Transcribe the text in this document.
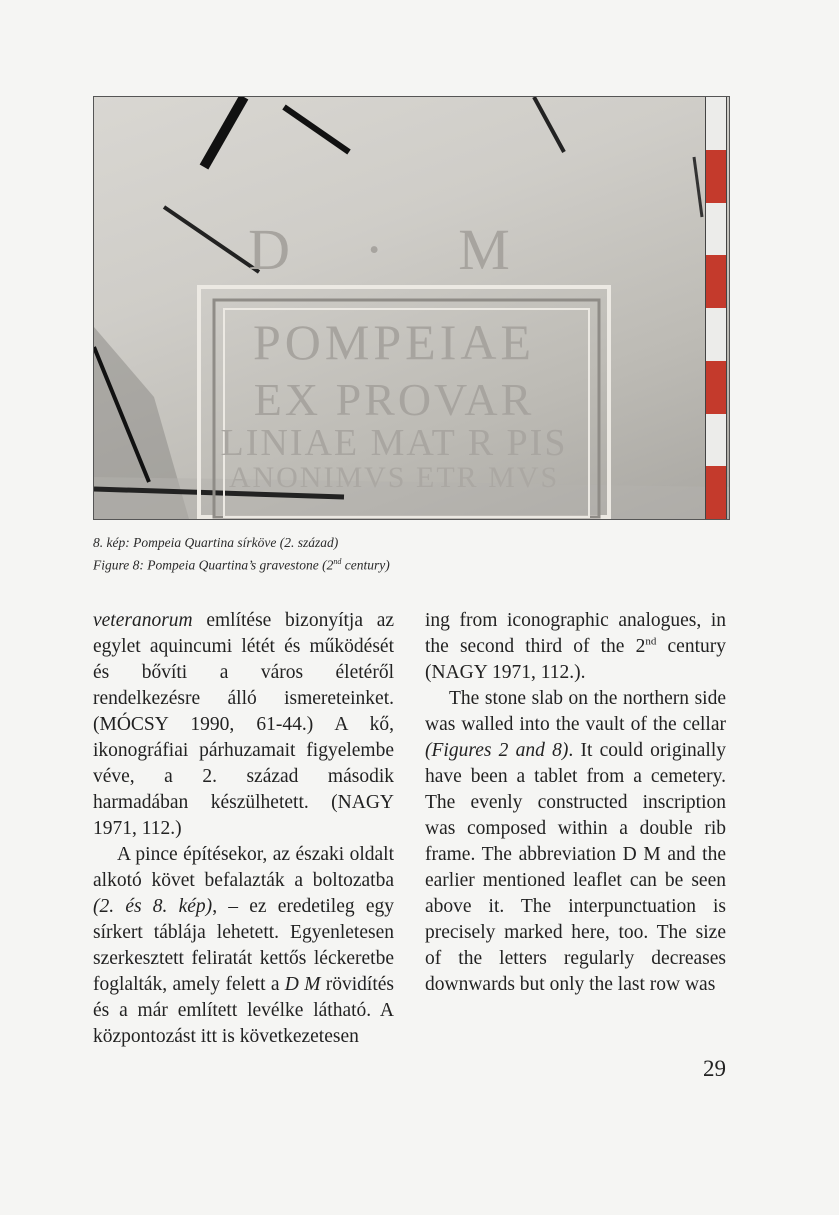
D · M
POMPEIAE
EX PROVAR
LINIAE MAT R PIS
ANONIMVS ETR MVS
8. kép: Pompeia Quartina sírköve (2. század)
Figure 8: Pompeia Quartina’s gravestone (2nd century)

veteranorum említése bizonyítja az egylet aquincumi létét és működését és bővíti a város életéről rendelkezésre álló ismereteinket. (MÓCSY 1990, 61-44.) A kő, ikonográfiai párhuzamait figyelembe véve, a 2. század második harmadában készülhetett. (NAGY 1971, 112.)

A pince építésekor, az északi oldalt alkotó követ befalazták a boltozatba (2. és 8. kép), – ez eredetileg egy sírkert táblája lehetett. Egyenletesen szerkesztett feliratát kettős léckeretbe foglalták, amely felett a D M rövidítés és a már említett levélke látható. A központozást itt is következetesen

ing from iconographic analogues, in the second third of the 2nd century (NAGY 1971, 112.).

The stone slab on the northern side was walled into the vault of the cellar (Figures 2 and 8). It could originally have been a tablet from a cemetery. The evenly constructed inscription was composed within a double rib frame. The abbreviation D M and the earlier mentioned leaflet can be seen above it. The interpunctuation is precisely marked here, too. The size of the letters regularly decreases downwards but only the last row was

29
